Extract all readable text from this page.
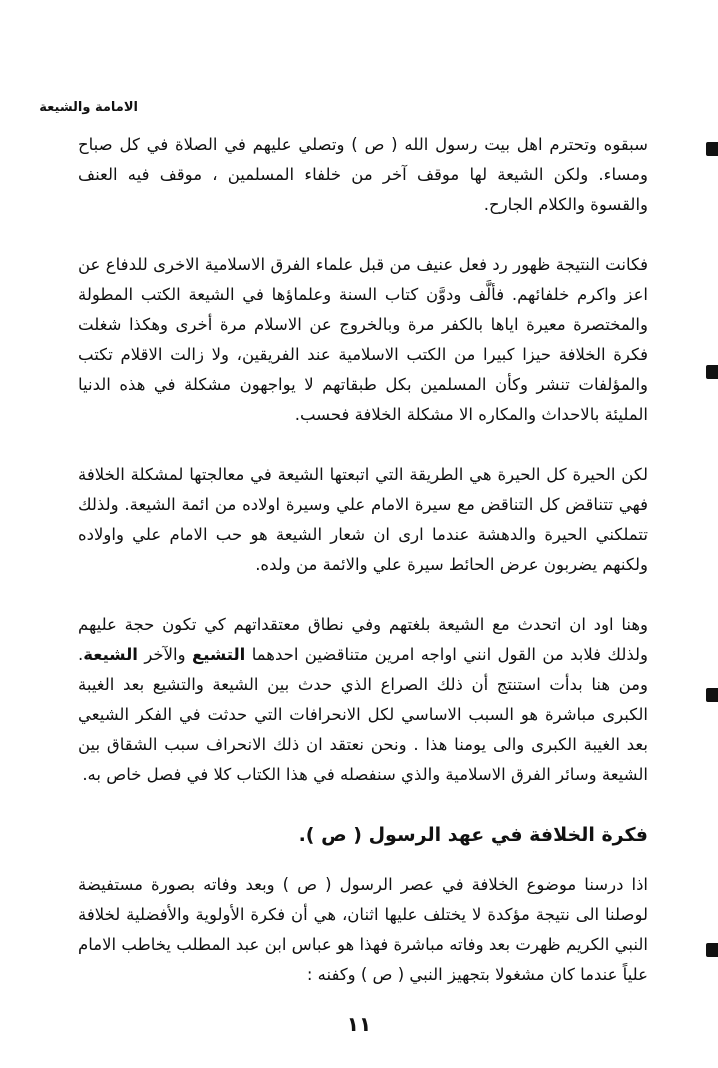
الامامة والشيعة

سبقوه وتحترم اهل بيت رسول الله ( ص ) وتصلي عليهم في الصلاة في كل صباح ومساء. ولكن الشيعة لها موقف آخر من خلفاء المسلمين ، موقف فيه العنف والقسوة والكلام الجارح.

فكانت النتيجة ظهور رد فعل عنيف من قبل علماء الفرق الاسلامية الاخرى للدفاع عن اعز واكرم خلفائهم. فألَّف ودوَّن كتاب السنة وعلماؤها في الشيعة الكتب المطولة والمختصرة معيرة اياها بالكفر مرة وبالخروج عن الاسلام مرة أخرى وهكذا شغلت فكرة الخلافة حيزا كبيرا من الكتب الاسلامية عند الفريقين، ولا زالت الاقلام تكتب والمؤلفات تنشر وكأن المسلمين بكل طبقاتهم لا يواجهون مشكلة في هذه الدنيا المليئة بالاحداث والمكاره الا مشكلة الخلافة فحسب.

لكن الحيرة كل الحيرة هي الطريقة التي اتبعتها الشيعة في معالجتها لمشكلة الخلافة فهي تتناقض كل التناقض مع سيرة الامام علي وسيرة اولاده من ائمة الشيعة. ولذلك تتملكني الحيرة والدهشة عندما ارى ان شعار الشيعة هو حب الامام علي واولاده ولكنهم يضربون عرض الحائط سيرة علي والائمة من ولده.

وهنا اود ان اتحدث مع الشيعة بلغتهم وفي نطاق معتقداتهم كي تكون حجة عليهم ولذلك فلابد من القول انني اواجه امرين متناقضين احدهما التشيع والآخر الشيعة. ومن هنا بدأت استنتج أن ذلك الصراع الذي حدث بين الشيعة والتشيع بعد الغيبة الكبرى مباشرة هو السبب الاساسي لكل الانحرافات التي حدثت في الفكر الشيعي بعد الغيبة الكبرى والى يومنا هذا . ونحن نعتقد ان ذلك الانحراف سبب الشقاق بين الشيعة وسائر الفرق الاسلامية والذي سنفصله في هذا الكتاب كلا في فصل خاص به.

فكرة الخلافة في عهد الرسول ( ص ).

اذا درسنا موضوع الخلافة في عصر الرسول ( ص ) وبعد وفاته بصورة مستفيضة لوصلنا الى نتيجة مؤكدة لا يختلف عليها اثنان، هي أن فكرة الأولوية والأفضلية لخلافة النبي الكريم ظهرت بعد وفاته مباشرة فهذا هو عباس ابن عبد المطلب يخاطب الامام علياً عندما كان مشغولا بتجهيز النبي ( ص ) وكفنه :

١١
